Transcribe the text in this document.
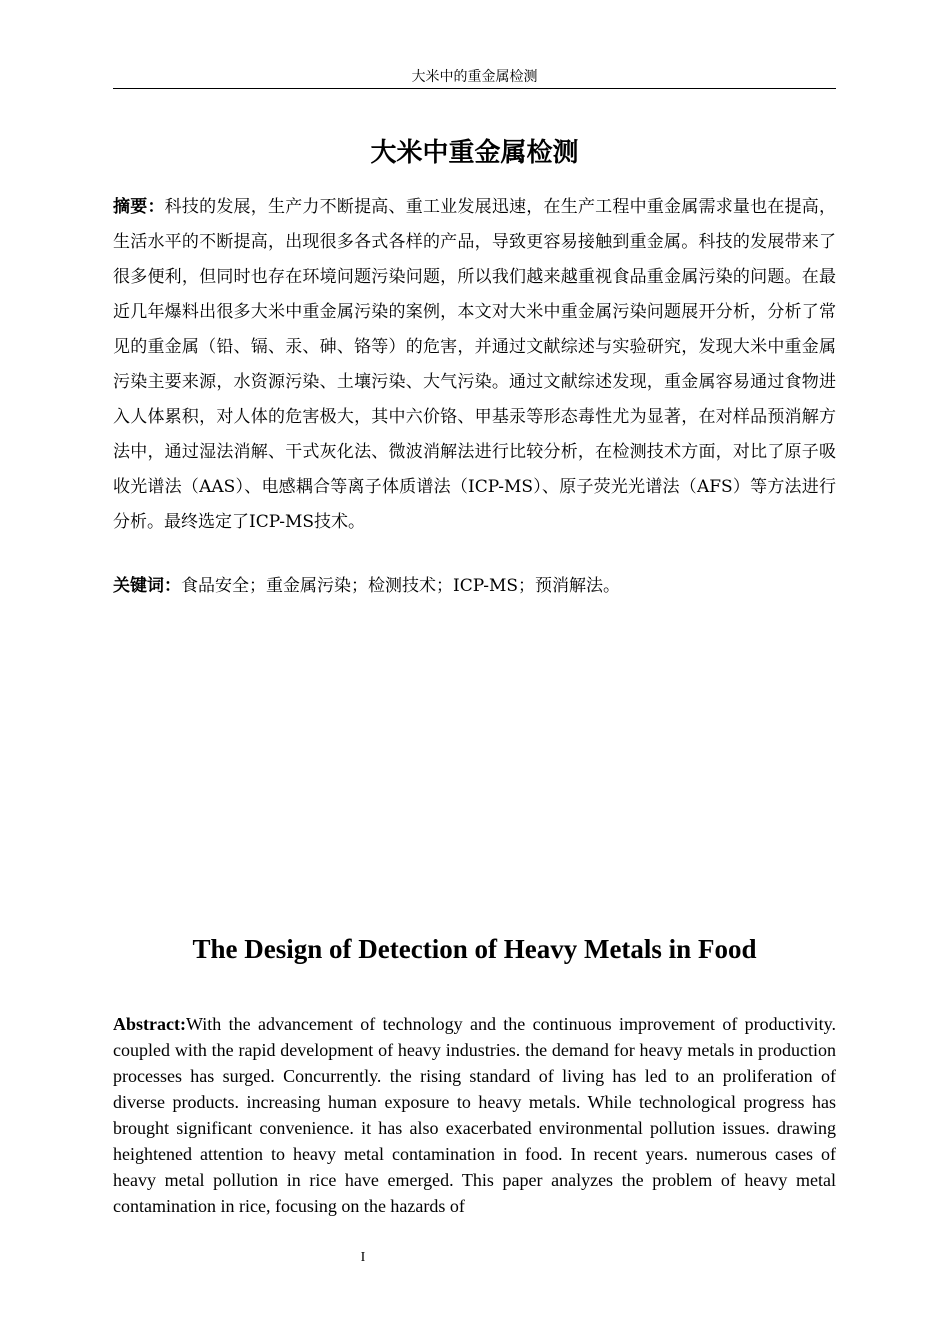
大米中的重金属检测
大米中重金属检测

摘要：科技的发展，生产力不断提高、重工业发展迅速，在生产工程中重金属需求量也在提高，生活水平的不断提高，出现很多各式各样的产品，导致更容易接触到重金属。科技的发展带来了很多便利，但同时也存在环境问题污染问题，所以我们越来越重视食品重金属污染的问题。在最近几年爆料出很多大米中重金属污染的案例，本文对大米中重金属污染问题展开分析，分析了常见的重金属（铅、镉、汞、砷、铬等）的危害，并通过文献综述与实验研究，发现大米中重金属污染主要来源，水资源污染、土壤污染、大气污染。通过文献综述发现，重金属容易通过食物进入人体累积，对人体的危害极大，其中六价铬、甲基汞等形态毒性尤为显著，在对样品预消解方法中，通过湿法消解、干式灰化法、微波消解法进行比较分析，在检测技术方面，对比了原子吸收光谱法（AAS）、电感耦合等离子体质谱法（ICP-MS）、原子荧光光谱法（AFS）等方法进行分析。最终选定了ICP-MS技术。

关键词：食品安全；重金属污染；检测技术；ICP-MS；预消解法。

The Design of Detection of Heavy Metals in Food

Abstract:With the advancement of technology and the continuous improvement of productivity. coupled with the rapid development of heavy industries. the demand for heavy metals in production processes has surged. Concurrently. the rising standard of living has led to an proliferation of diverse products. increasing human exposure to heavy metals. While technological progress has brought significant convenience. it has also exacerbated environmental pollution issues. drawing heightened attention to heavy metal contamination in food. In recent years. numerous cases of heavy metal pollution in rice have emerged. This paper analyzes the problem of heavy metal contamination in rice, focusing on the hazards of

I
